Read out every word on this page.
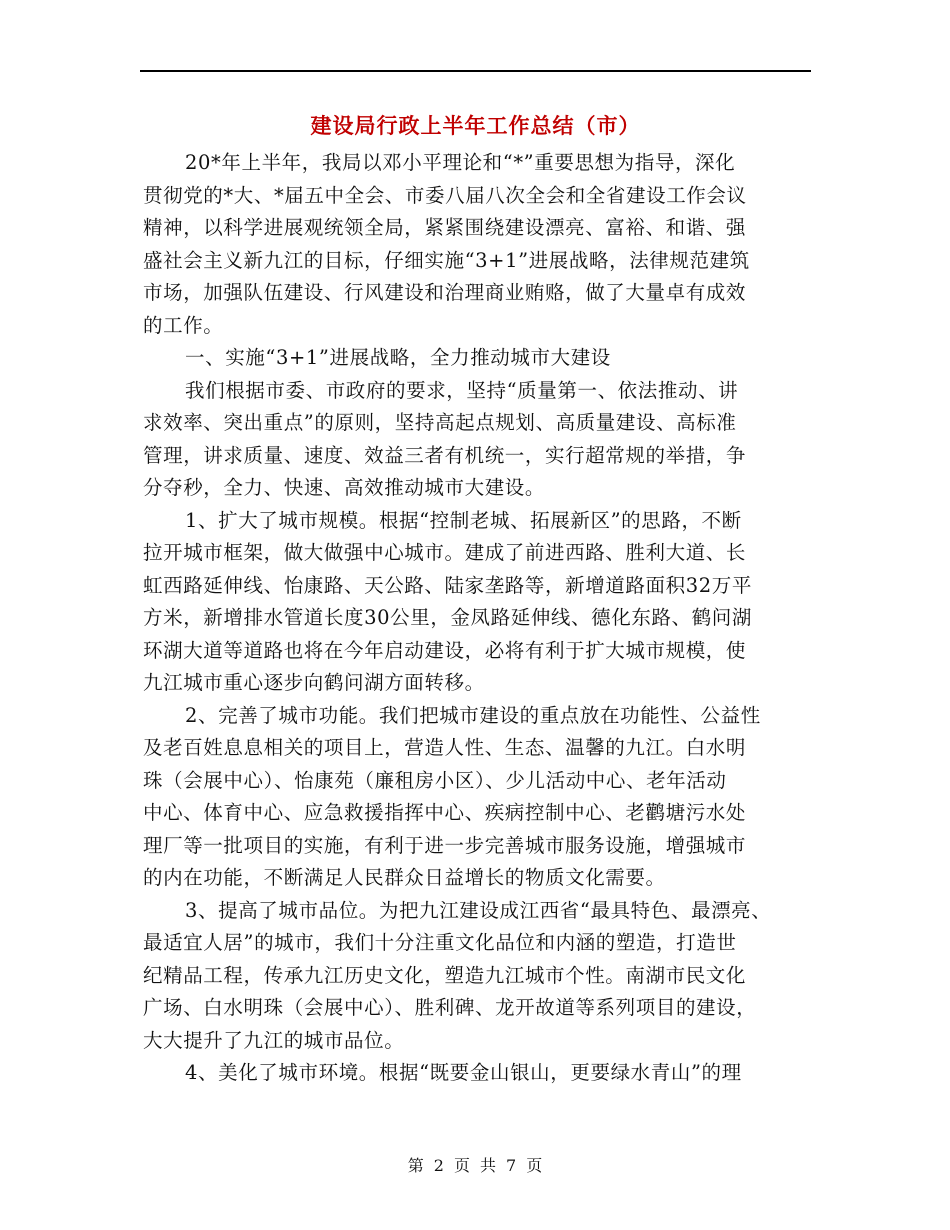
建设局行政上半年工作总结（市）
20*年上半年，我局以邓小平理论和“*”重要思想为指导，深化
贯彻党的*大、*届五中全会、市委八届八次全会和全省建设工作会议
精神，以科学进展观统领全局，紧紧围绕建设漂亮、富裕、和谐、强
盛社会主义新九江的目标，仔细实施“3+1”进展战略，法律规范建筑
市场，加强队伍建设、行风建设和治理商业贿赂，做了大量卓有成效
的工作。
一、实施“3+1”进展战略，全力推动城市大建设
我们根据市委、市政府的要求，坚持“质量第一、依法推动、讲
求效率、突出重点”的原则，坚持高起点规划、高质量建设、高标准
管理，讲求质量、速度、效益三者有机统一，实行超常规的举措，争
分夺秒，全力、快速、高效推动城市大建设。
1、扩大了城市规模。根据“控制老城、拓展新区”的思路，不断
拉开城市框架，做大做强中心城市。建成了前进西路、胜利大道、长
虹西路延伸线、怡康路、天公路、陆家垄路等，新增道路面积32万平
方米，新增排水管道长度30公里，金凤路延伸线、德化东路、鹤问湖
环湖大道等道路也将在今年启动建设，必将有利于扩大城市规模，使
九江城市重心逐步向鹤问湖方面转移。
2、完善了城市功能。我们把城市建设的重点放在功能性、公益性
及老百姓息息相关的项目上，营造人性、生态、温馨的九江。白水明
珠（会展中心）、怡康苑（廉租房小区）、少儿活动中心、老年活动
中心、体育中心、应急救援指挥中心、疾病控制中心、老鹳塘污水处
理厂等一批项目的实施，有利于进一步完善城市服务设施，增强城市
的内在功能，不断满足人民群众日益增长的物质文化需要。
3、提高了城市品位。为把九江建设成江西省“最具特色、最漂亮、
最适宜人居”的城市，我们十分注重文化品位和内涵的塑造，打造世
纪精品工程，传承九江历史文化，塑造九江城市个性。南湖市民文化
广场、白水明珠（会展中心）、胜利碑、龙开故道等系列项目的建设，
大大提升了九江的城市品位。
4、美化了城市环境。根据“既要金山银山，更要绿水青山”的理
第 2 页 共 7 页
